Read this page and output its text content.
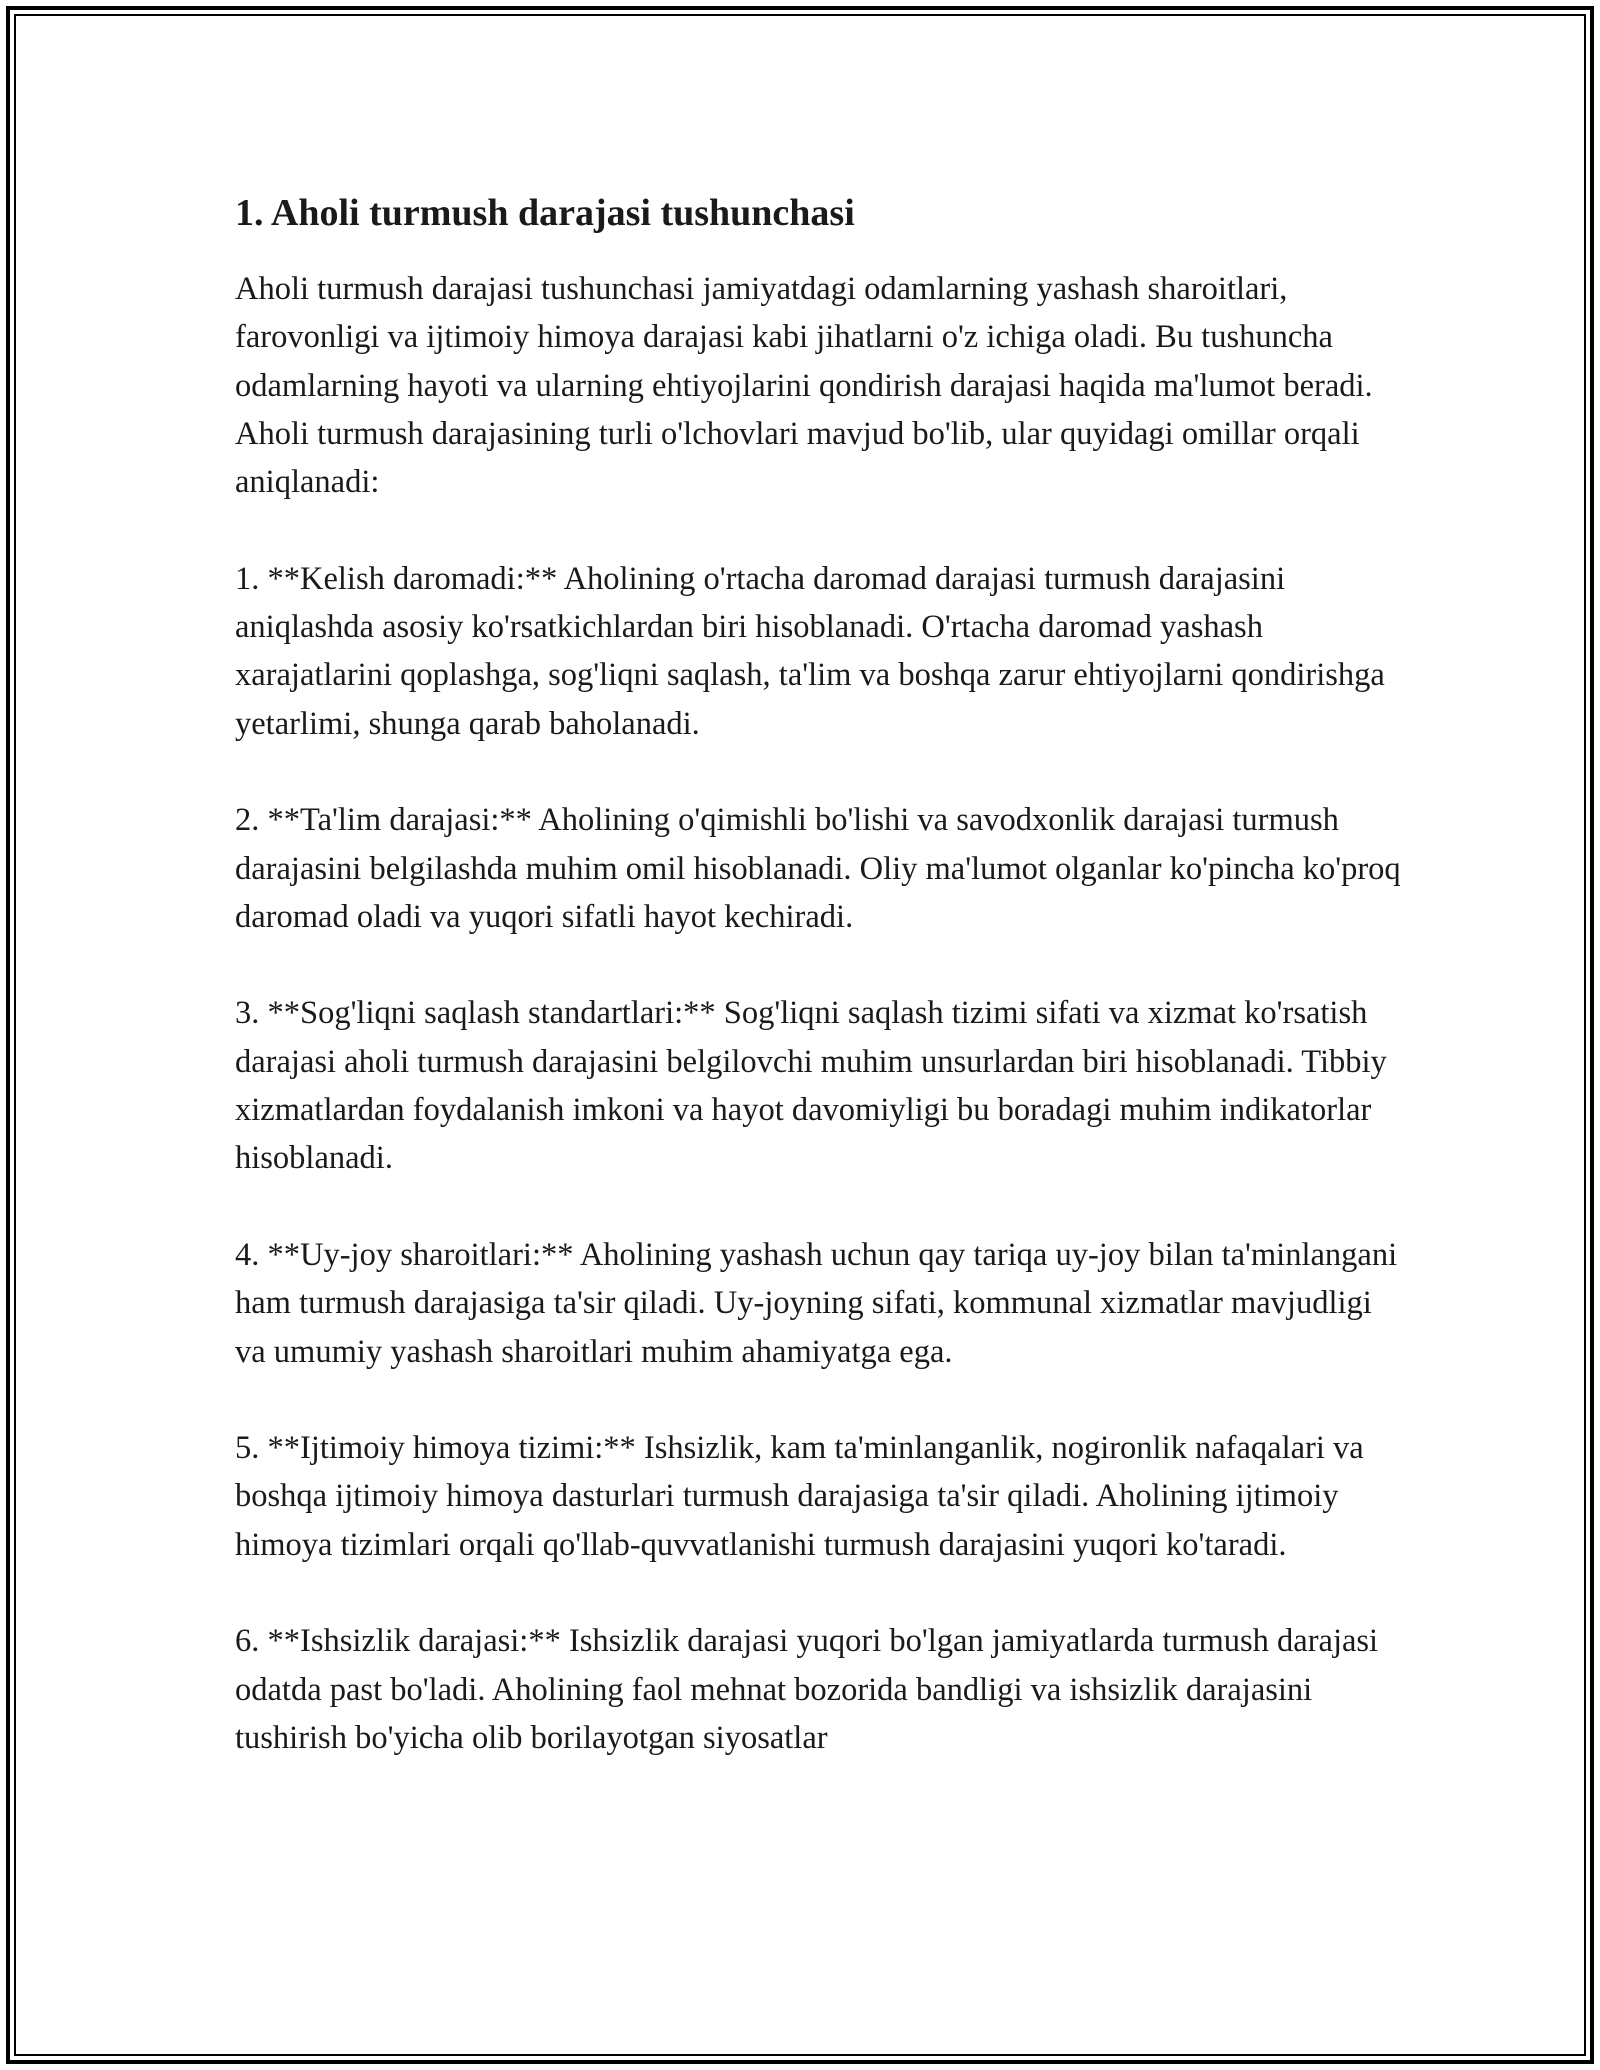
1. Aholi turmush darajasi tushunchasi

Aholi turmush darajasi tushunchasi jamiyatdagi odamlarning yashash sharoitlari, farovonligi va ijtimoiy himoya darajasi kabi jihatlarni o'z ichiga oladi. Bu tushuncha odamlarning hayoti va ularning ehtiyojlarini qondirish darajasi haqida ma'lumot beradi. Aholi turmush darajasining turli o'lchovlari mavjud bo'lib, ular quyidagi omillar orqali aniqlanadi:

1. **Kelish daromadi:** Aholining o'rtacha daromad darajasi turmush darajasini aniqlashda asosiy ko'rsatkichlardan biri hisoblanadi. O'rtacha daromad yashash xarajatlarini qoplashga, sog'liqni saqlash, ta'lim va boshqa zarur ehtiyojlarni qondirishga yetarlimi, shunga qarab baholanadi.

2. **Ta'lim darajasi:** Aholining o'qimishli bo'lishi va savodxonlik darajasi turmush darajasini belgilashda muhim omil hisoblanadi. Oliy ma'lumot olganlar ko'pincha ko'proq daromad oladi va yuqori sifatli hayot kechiradi.

3. **Sog'liqni saqlash standartlari:** Sog'liqni saqlash tizimi sifati va xizmat ko'rsatish darajasi aholi turmush darajasini belgilovchi muhim unsurlardan biri hisoblanadi. Tibbiy xizmatlardan foydalanish imkoni va hayot davomiyligi bu boradagi muhim indikatorlar hisoblanadi.

4. **Uy-joy sharoitlari:** Aholining yashash uchun qay tariqa uy-joy bilan ta'minlangani ham turmush darajasiga ta'sir qiladi. Uy-joyning sifati, kommunal xizmatlar mavjudligi va umumiy yashash sharoitlari muhim ahamiyatga ega.

5. **Ijtimoiy himoya tizimi:** Ishsizlik, kam ta'minlanganlik, nogironlik nafaqalari va boshqa ijtimoiy himoya dasturlari turmush darajasiga ta'sir qiladi. Aholining ijtimoiy himoya tizimlari orqali qo'llab-quvvatlanishi turmush darajasini yuqori ko'taradi.

6. **Ishsizlik darajasi:** Ishsizlik darajasi yuqori bo'lgan jamiyatlarda turmush darajasi odatda past bo'ladi. Aholining faol mehnat bozorida bandligi va ishsizlik darajasini tushirish bo'yicha olib borilayotgan siyosatlar
